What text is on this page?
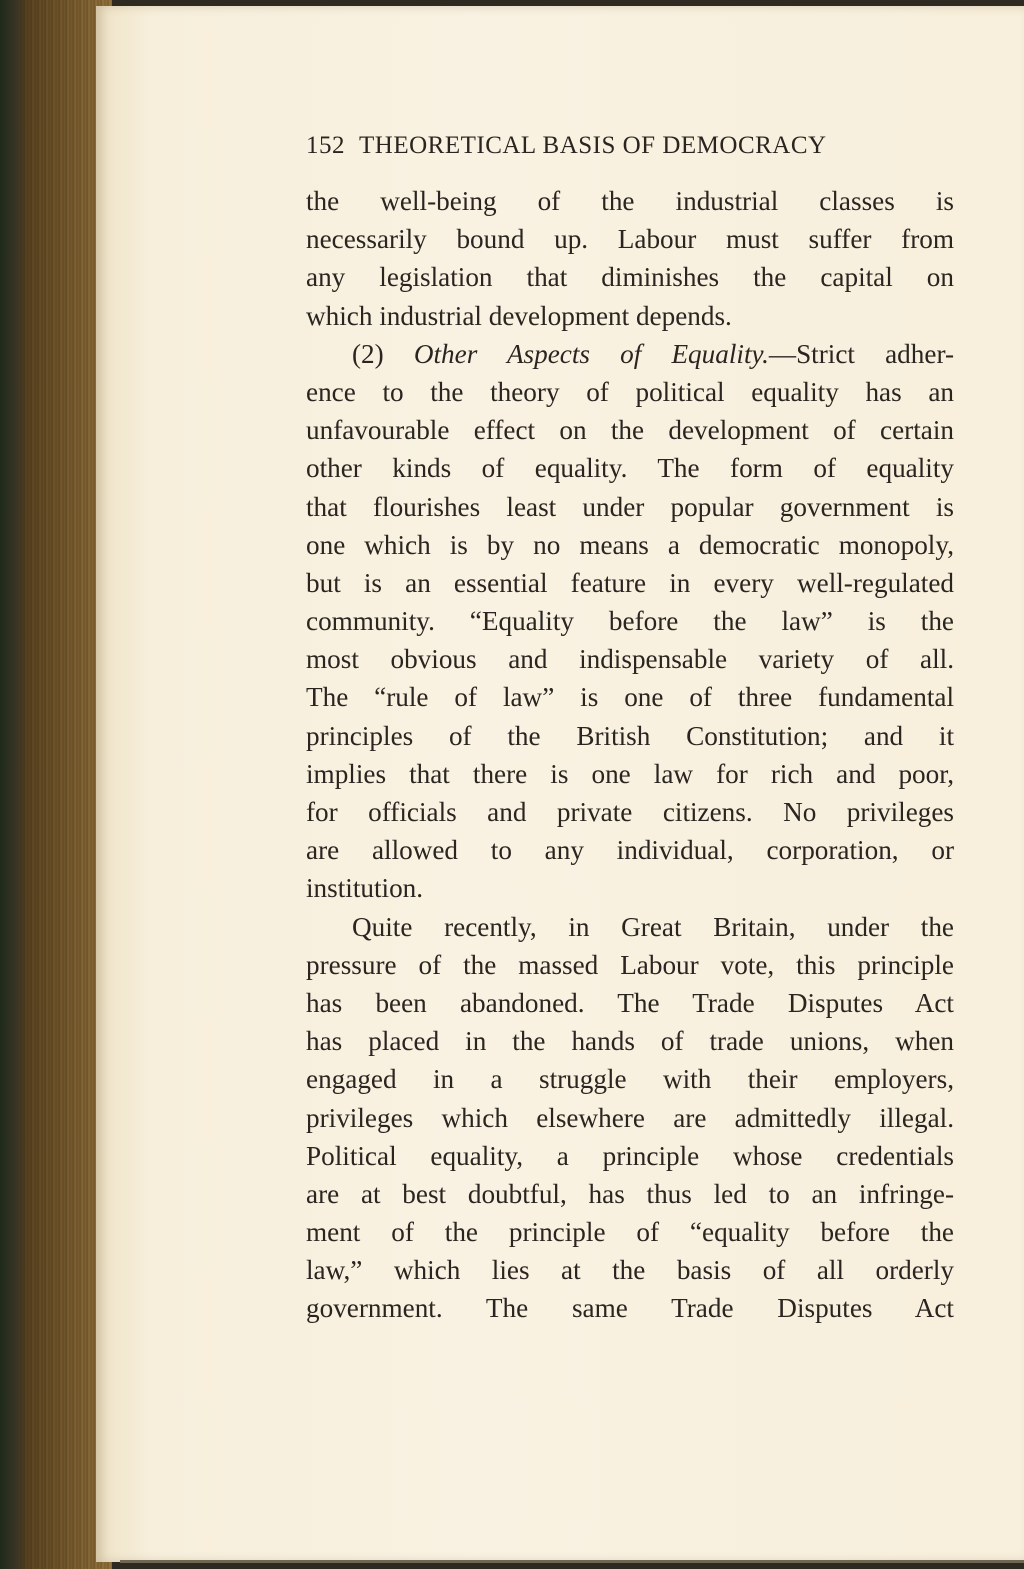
152 THEORETICAL BASIS OF DEMOCRACY
the well-being of the industrial classes is
necessarily bound up. Labour must suffer from
any legislation that diminishes the capital on
which industrial development depends.
(2) Other Aspects of Equality.—Strict adher-
ence to the theory of political equality has an
unfavourable effect on the development of certain
other kinds of equality. The form of equality
that flourishes least under popular government is
one which is by no means a democratic monopoly,
but is an essential feature in every well-regulated
community. “Equality before the law” is the
most obvious and indispensable variety of all.
The “rule of law” is one of three fundamental
principles of the British Constitution; and it
implies that there is one law for rich and poor,
for officials and private citizens. No privileges
are allowed to any individual, corporation, or
institution.
Quite recently, in Great Britain, under the
pressure of the massed Labour vote, this principle
has been abandoned. The Trade Disputes Act
has placed in the hands of trade unions, when
engaged in a struggle with their employers,
privileges which elsewhere are admittedly illegal.
Political equality, a principle whose credentials
are at best doubtful, has thus led to an infringe-
ment of the principle of “equality before the
law,” which lies at the basis of all orderly
government. The same Trade Disputes Act
